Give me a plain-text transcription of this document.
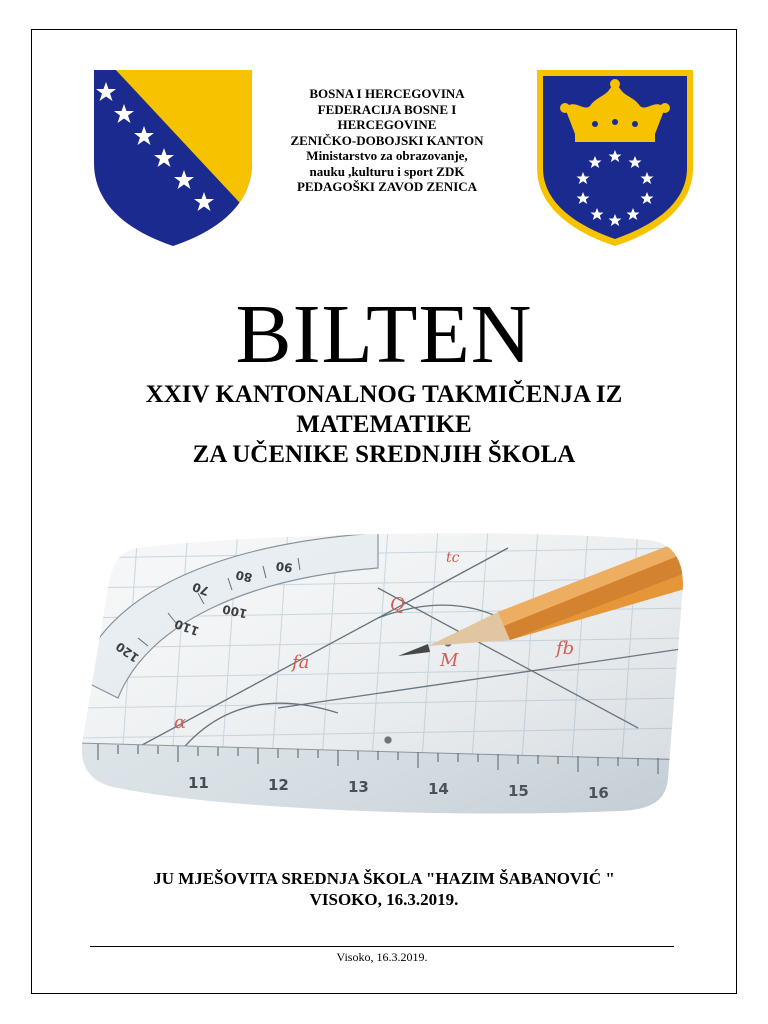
BOSNA I HERCEGOVINA
FEDERACIJA BOSNE I
HERCEGOVINE
ZENIČKO-DOBOJSKI KANTON
Ministarstvo za obrazovanje,
nauku ,kulturu i sport ZDK
PEDAGOŠKI ZAVOD ZENICA
BILTEN
XXIV KANTONALNOG TAKMIČENJA IZ
MATEMATIKE
ZA UČENIKE SREDNJIH ŠKOLA
JU MJEŠOVITA SREDNJA ŠKOLA "HAZIM ŠABANOVIĆ "
VISOKO, 16.3.2019.
Visoko, 16.3.2019.
